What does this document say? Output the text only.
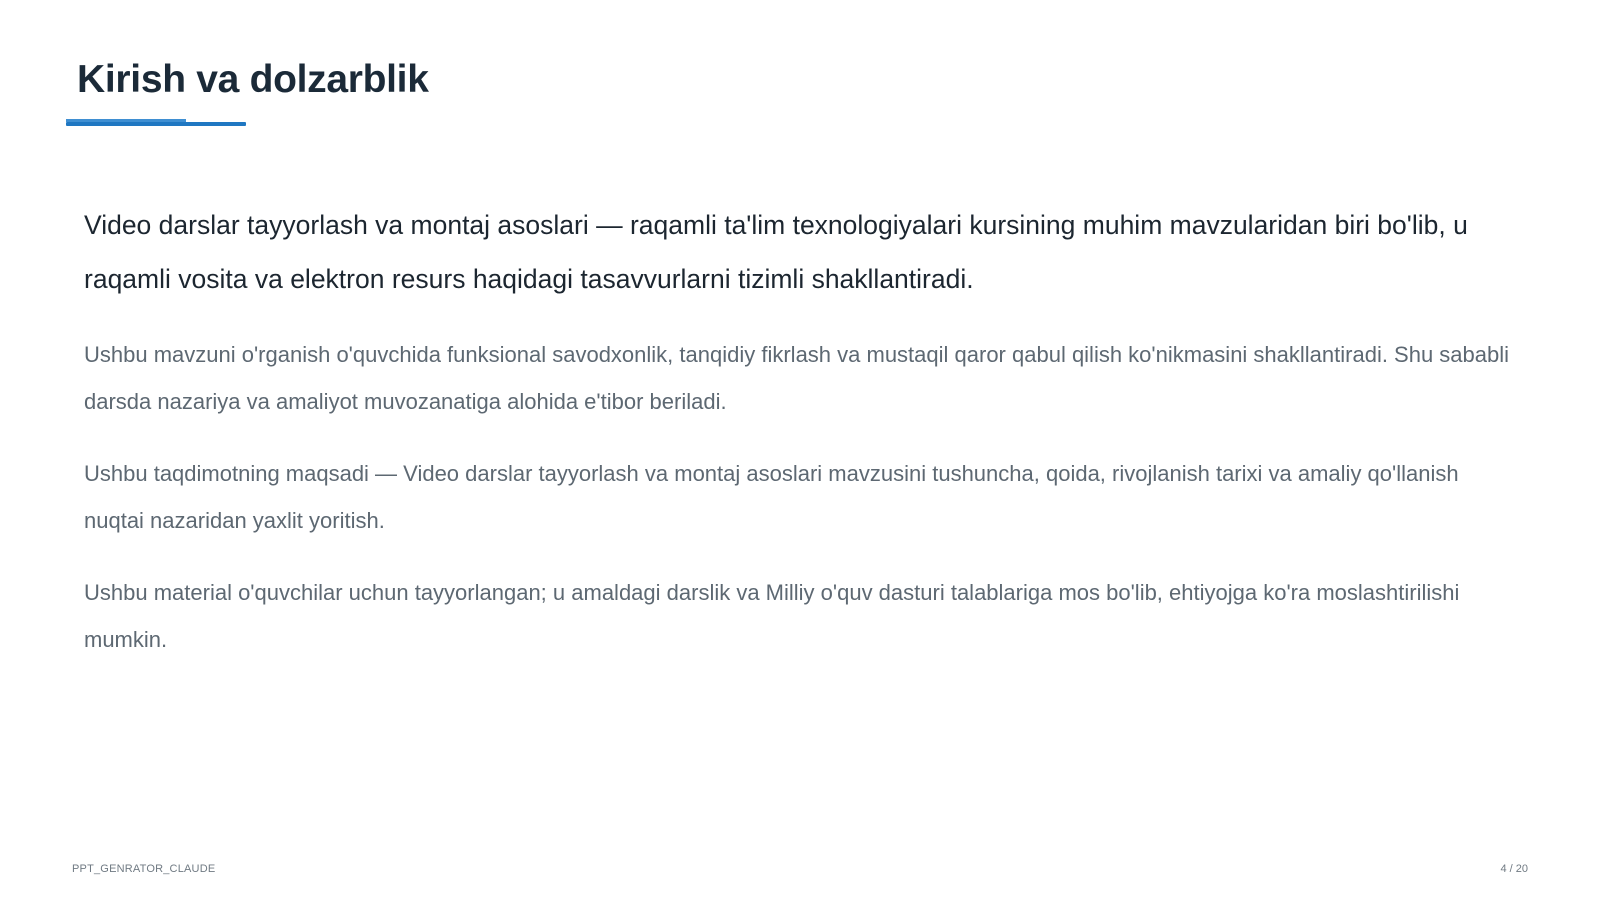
Kirish va dolzarblik

Video darslar tayyorlash va montaj asoslari — raqamli ta'lim texnologiyalari kursining muhim mavzularidan biri bo'lib, u raqamli vosita va elektron resurs haqidagi tasavvurlarni tizimli shakllantiradi.

Ushbu mavzuni o'rganish o'quvchida funksional savodxonlik, tanqidiy fikrlash va mustaqil qaror qabul qilish ko'nikmasini shakllantiradi. Shu sababli darsda nazariya va amaliyot muvozanatiga alohida e'tibor beriladi.

Ushbu taqdimotning maqsadi — Video darslar tayyorlash va montaj asoslari mavzusini tushuncha, qoida, rivojlanish tarixi va amaliy qo'llanish nuqtai nazaridan yaxlit yoritish.

Ushbu material o'quvchilar uchun tayyorlangan; u amaldagi darslik va Milliy o'quv dasturi talablariga mos bo'lib, ehtiyojga ko'ra moslashtirilishi mumkin.

PPT_GENRATOR_CLAUDE	4 / 20
